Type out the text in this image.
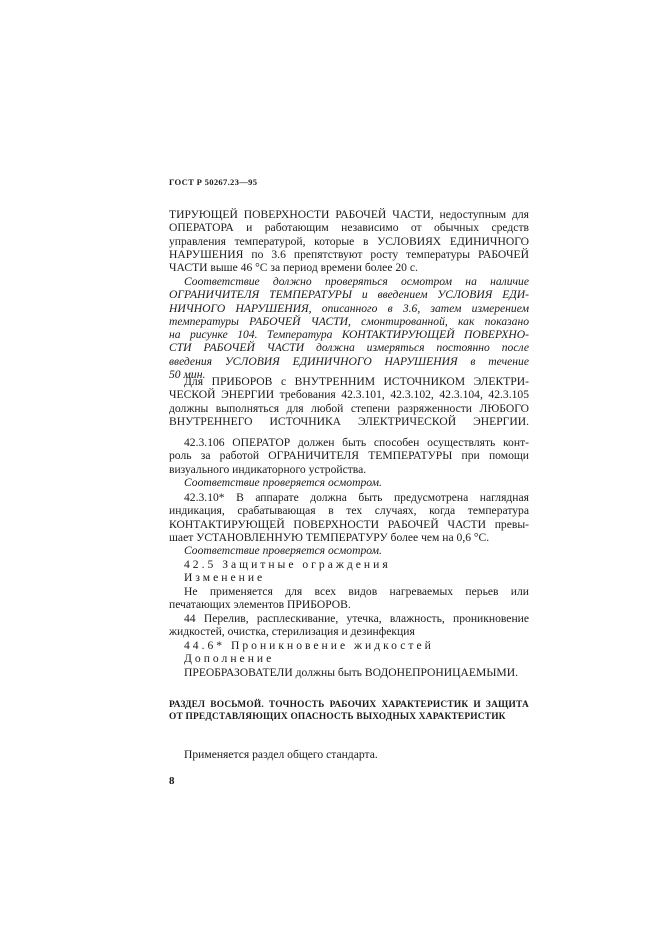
ГОСТ Р 50267.23—95
ТИРУЮЩЕЙ ПОВЕРХНОСТИ РАБОЧЕЙ ЧАСТИ, недоступным для
ОПЕРАТОРА и работающим независимо от обычных средств
управления температурой, которые в УСЛОВИЯХ ЕДИНИЧНОГО
НАРУШЕНИЯ по 3.6 препятствуют росту температуры РАБОЧЕЙ
ЧАСТИ выше 46 °С за период времени более 20 с.
Соответствие должно проверяться осмотром на наличие
ОГРАНИЧИТЕЛЯ ТЕМПЕРАТУРЫ и введением УСЛОВИЯ ЕДИ-
НИЧНОГО НАРУШЕНИЯ, описанного в 3.6, затем измерением
температуры РАБОЧЕЙ ЧАСТИ, смонтированной, как показано
на рисунке 104. Температура КОНТАКТИРУЮЩЕЙ ПОВЕРХНО-
СТИ РАБОЧЕЙ ЧАСТИ должна измеряться постоянно после
введения УСЛОВИЯ ЕДИНИЧНОГО НАРУШЕНИЯ в течение
50 мин.
Для ПРИБОРОВ с ВНУТРЕННИМ ИСТОЧНИКОМ ЭЛЕКТРИ-
ЧЕСКОЙ ЭНЕРГИИ требования 42.3.101, 42.3.102, 42.3.104, 42.3.105
должны выполняться для любой степени разряженности ЛЮБОГО
ВНУТРЕННЕГО ИСТОЧНИКА ЭЛЕКТРИЧЕСКОЙ ЭНЕРГИИ.
42.3.106 ОПЕРАТОР должен быть способен осуществлять конт-
роль за работой ОГРАНИЧИТЕЛЯ ТЕМПЕРАТУРЫ при помощи
визуального индикаторного устройства.
Соответствие проверяется осмотром.
42.3.10* В аппарате должна быть предусмотрена наглядная
индикация, срабатывающая в тех случаях, когда температура
КОНТАКТИРУЮЩЕЙ ПОВЕРХНОСТИ РАБОЧЕЙ ЧАСТИ превы-
шает УСТАНОВЛЕННУЮ ТЕМПЕРАТУРУ более чем на 0,6 °С.
Соответствие проверяется осмотром.
42.5 Защитные ограждения
Изменение
Не применяется для всех видов нагреваемых перьев или
печатающих элементов ПРИБОРОВ.
44 Перелив, расплескивание, утечка, влажность, проникновение
жидкостей, очистка, стерилизация и дезинфекция
44.6* Проникновение жидкостей
Дополнение
ПРЕОБРАЗОВАТЕЛИ должны быть ВОДОНЕПРОНИЦАЕМЫМИ.
РАЗДЕЛ ВОСЬМОЙ. ТОЧНОСТЬ РАБОЧИХ ХАРАКТЕРИСТИК И ЗАЩИТА
ОТ ПРЕДСТАВЛЯЮЩИХ ОПАСНОСТЬ ВЫХОДНЫХ ХАРАКТЕРИСТИК
Применяется раздел общего стандарта.
8
